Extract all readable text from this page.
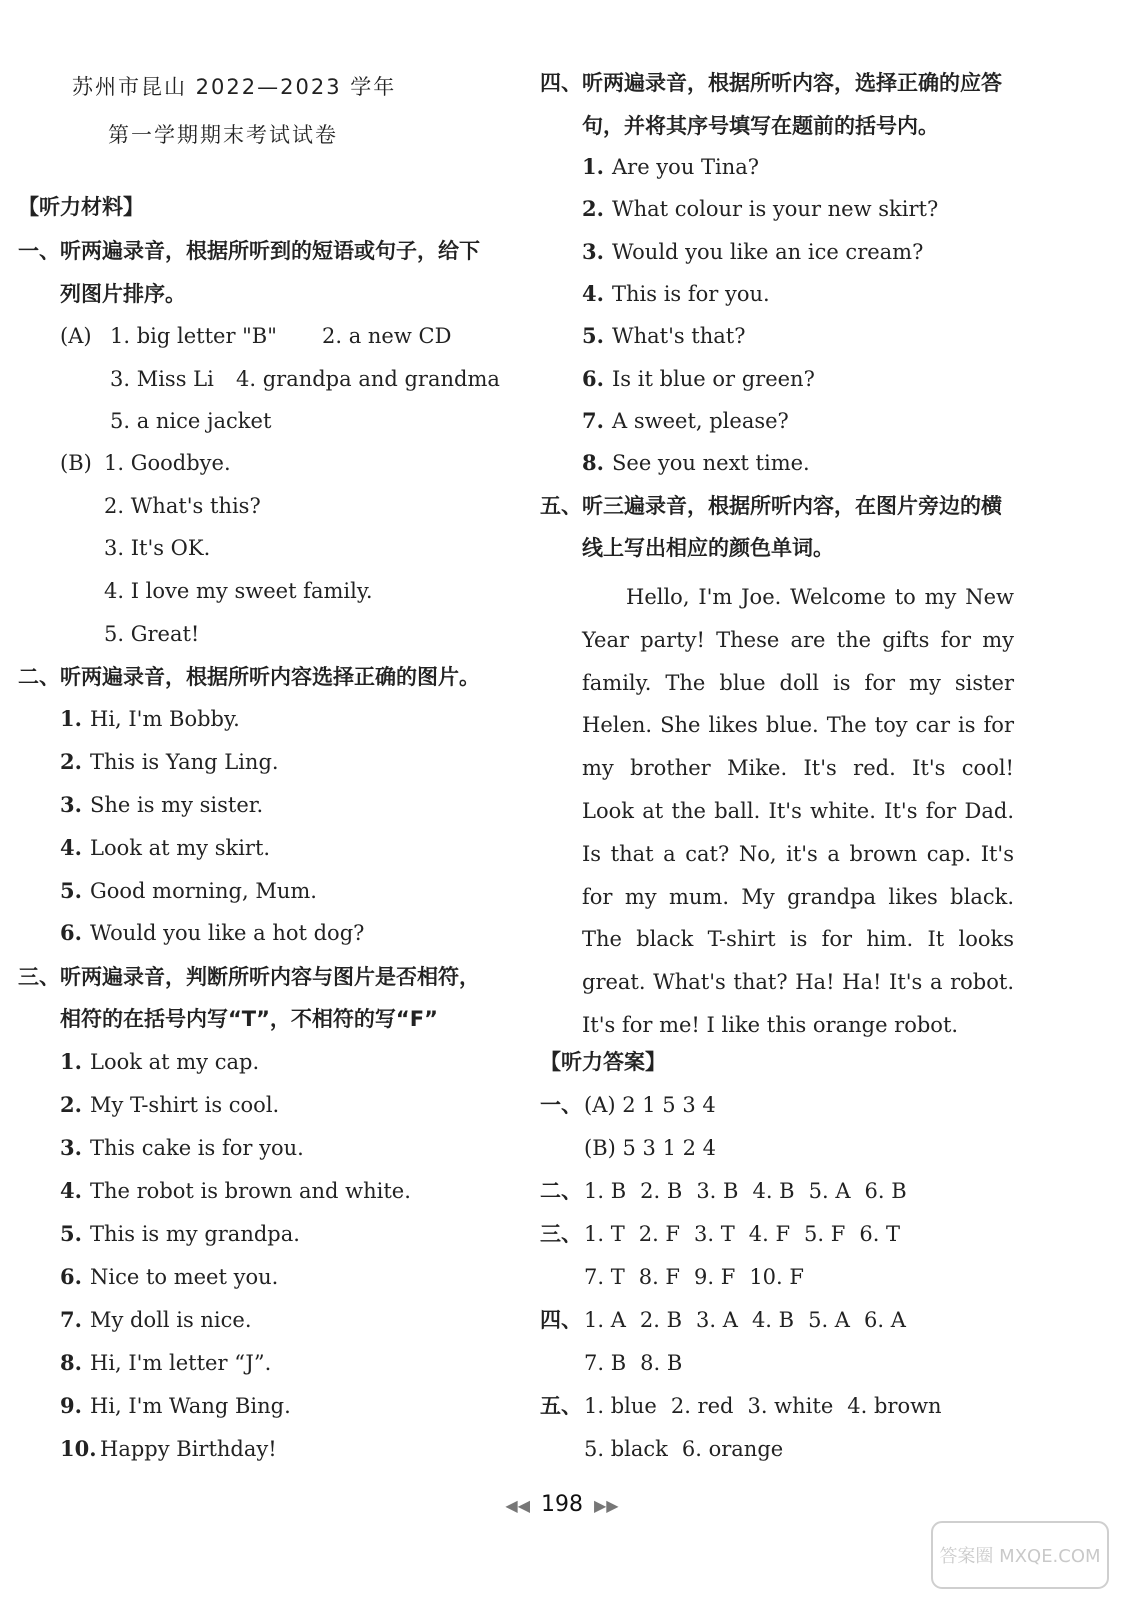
苏州市昆山 2022—2023 学年
第一学期期末考试试卷
【听力材料】
一、听两遍录音，根据所听到的短语或句子，给下
列图片排序。
(A) 1. big letter "B" 2. a new CD
3. Miss Li 4. grandpa and grandma
5. a nice jacket
(B) 1. Goodbye.
2. What's this?
3. It's OK.
4. I love my sweet family.
5. Great!
二、听两遍录音，根据所听内容选择正确的图片。
1. Hi, I'm Bobby.
2. This is Yang Ling.
3. She is my sister.
4. Look at my skirt.
5. Good morning, Mum.
6. Would you like a hot dog?
三、听两遍录音，判断所听内容与图片是否相符，
相符的在括号内写“T”，不相符的写“F”
1. Look at my cap.
2. My T-shirt is cool.
3. This cake is for you.
4. The robot is brown and white.
5. This is my grandpa.
6. Nice to meet you.
7. My doll is nice.
8. Hi, I'm letter “J”.
9. Hi, I'm Wang Bing.
10. Happy Birthday!
四、听两遍录音，根据所听内容，选择正确的应答
句，并将其序号填写在题前的括号内。
1. Are you Tina?
2. What colour is your new skirt?
3. Would you like an ice cream?
4. This is for you.
5. What's that?
6. Is it blue or green?
7. A sweet, please?
8. See you next time.
五、听三遍录音，根据所听内容，在图片旁边的横
线上写出相应的颜色单词。
Hello, I'm Joe. Welcome to my New Year party! These are the gifts for my family. The blue doll is for my sister Helen. She likes blue. The toy car is for my brother Mike. It's red. It's cool! Look at the ball. It's white. It's for Dad. Is that a cat? No, it's a brown cap. It's for my mum. My grandpa likes black. The black T-shirt is for him. It looks great. What's that? Ha! Ha! It's a robot. It's for me! I like this orange robot.
【听力答案】
一、 (A) 2 1 5 3 4
(B) 5 3 1 2 4
二、 1. B 2. B 3. B 4. B 5. A 6. B
三、 1. T 2. F 3. T 4. F 5. F 6. T
7. T 8. F 9. F 10. F
四、 1. A 2. B 3. A 4. B 5. A 6. A
7. B 8. B
五、 1. blue 2. red 3. white 4. brown
5. black 6. orange
◀◀ 198 ▶▶
答案圈 MXQE.COM
